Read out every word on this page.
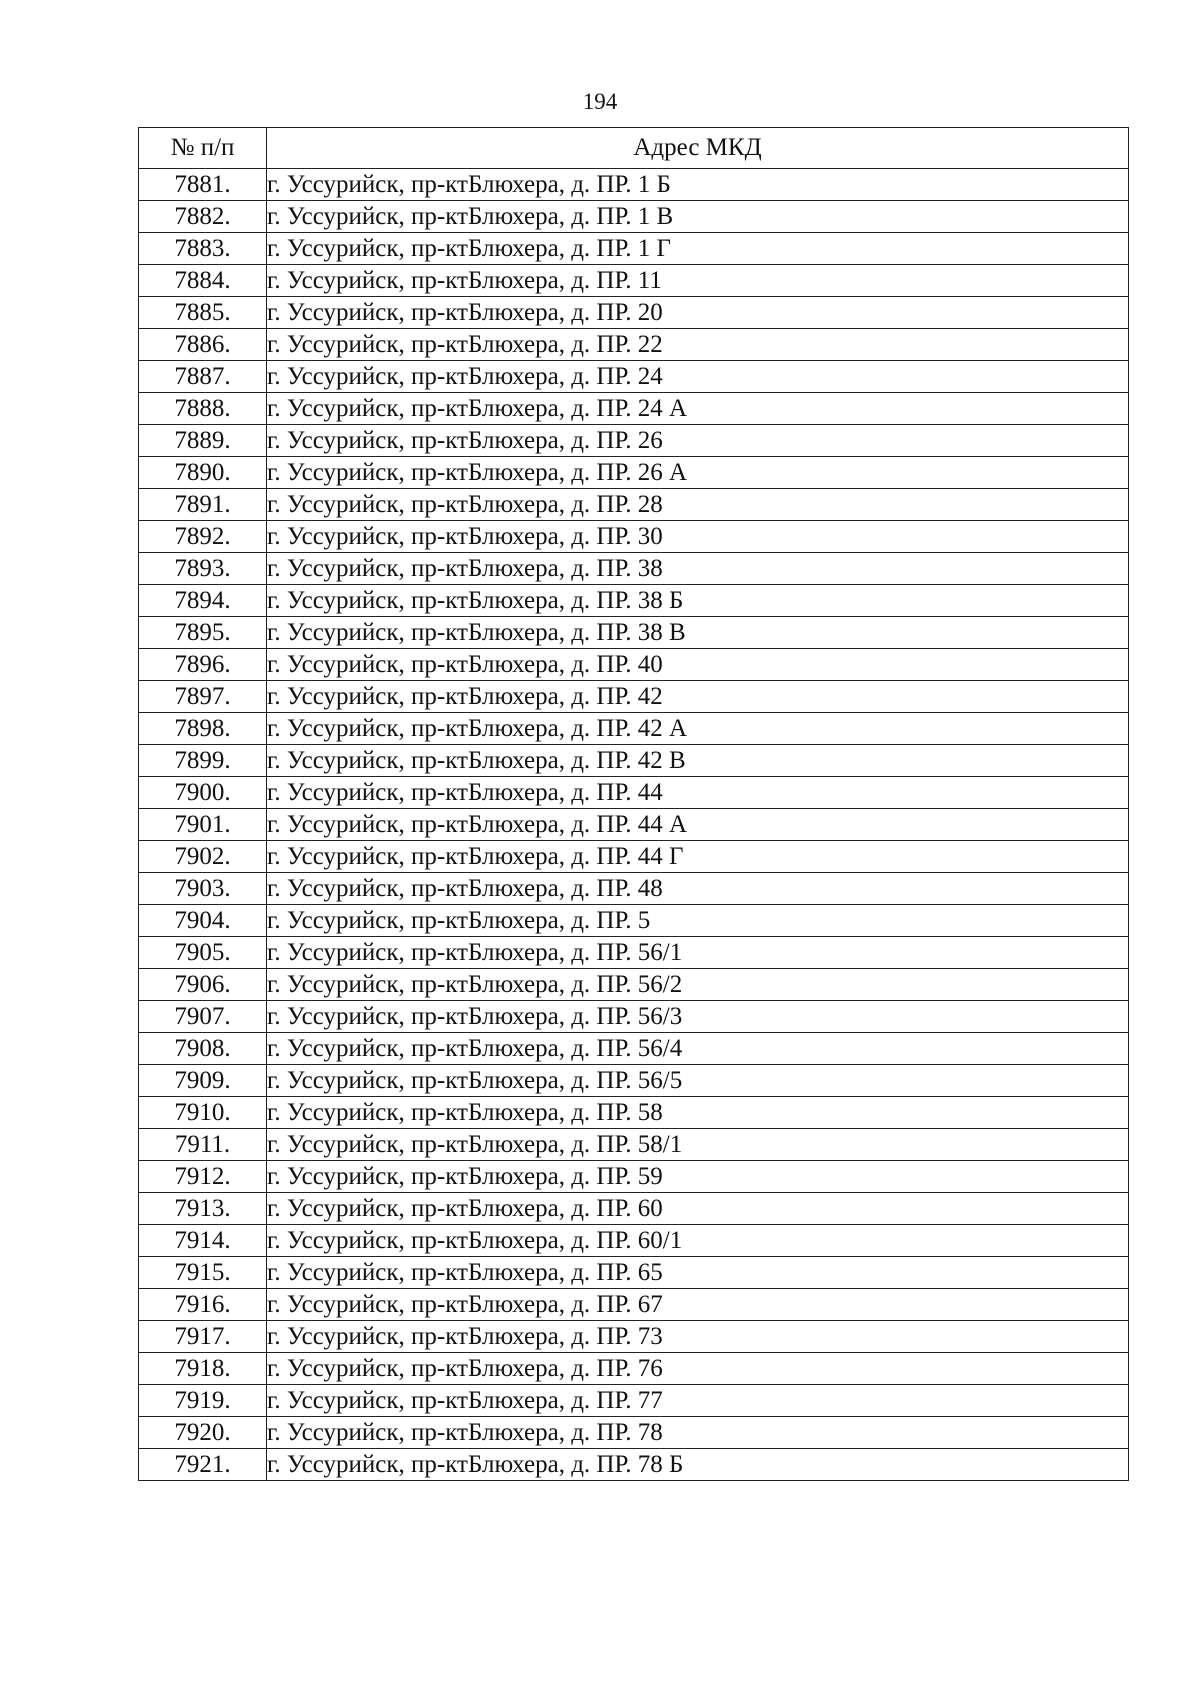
194
№ п/п	Адрес МКД
7881.	г. Уссурийск, пр-ктБлюхера, д. ПР. 1 Б
7882.	г. Уссурийск, пр-ктБлюхера, д. ПР. 1 В
7883.	г. Уссурийск, пр-ктБлюхера, д. ПР. 1 Г
7884.	г. Уссурийск, пр-ктБлюхера, д. ПР. 11
7885.	г. Уссурийск, пр-ктБлюхера, д. ПР. 20
7886.	г. Уссурийск, пр-ктБлюхера, д. ПР. 22
7887.	г. Уссурийск, пр-ктБлюхера, д. ПР. 24
7888.	г. Уссурийск, пр-ктБлюхера, д. ПР. 24 А
7889.	г. Уссурийск, пр-ктБлюхера, д. ПР. 26
7890.	г. Уссурийск, пр-ктБлюхера, д. ПР. 26 А
7891.	г. Уссурийск, пр-ктБлюхера, д. ПР. 28
7892.	г. Уссурийск, пр-ктБлюхера, д. ПР. 30
7893.	г. Уссурийск, пр-ктБлюхера, д. ПР. 38
7894.	г. Уссурийск, пр-ктБлюхера, д. ПР. 38 Б
7895.	г. Уссурийск, пр-ктБлюхера, д. ПР. 38 В
7896.	г. Уссурийск, пр-ктБлюхера, д. ПР. 40
7897.	г. Уссурийск, пр-ктБлюхера, д. ПР. 42
7898.	г. Уссурийск, пр-ктБлюхера, д. ПР. 42 А
7899.	г. Уссурийск, пр-ктБлюхера, д. ПР. 42 В
7900.	г. Уссурийск, пр-ктБлюхера, д. ПР. 44
7901.	г. Уссурийск, пр-ктБлюхера, д. ПР. 44 А
7902.	г. Уссурийск, пр-ктБлюхера, д. ПР. 44 Г
7903.	г. Уссурийск, пр-ктБлюхера, д. ПР. 48
7904.	г. Уссурийск, пр-ктБлюхера, д. ПР. 5
7905.	г. Уссурийск, пр-ктБлюхера, д. ПР. 56/1
7906.	г. Уссурийск, пр-ктБлюхера, д. ПР. 56/2
7907.	г. Уссурийск, пр-ктБлюхера, д. ПР. 56/3
7908.	г. Уссурийск, пр-ктБлюхера, д. ПР. 56/4
7909.	г. Уссурийск, пр-ктБлюхера, д. ПР. 56/5
7910.	г. Уссурийск, пр-ктБлюхера, д. ПР. 58
7911.	г. Уссурийск, пр-ктБлюхера, д. ПР. 58/1
7912.	г. Уссурийск, пр-ктБлюхера, д. ПР. 59
7913.	г. Уссурийск, пр-ктБлюхера, д. ПР. 60
7914.	г. Уссурийск, пр-ктБлюхера, д. ПР. 60/1
7915.	г. Уссурийск, пр-ктБлюхера, д. ПР. 65
7916.	г. Уссурийск, пр-ктБлюхера, д. ПР. 67
7917.	г. Уссурийск, пр-ктБлюхера, д. ПР. 73
7918.	г. Уссурийск, пр-ктБлюхера, д. ПР. 76
7919.	г. Уссурийск, пр-ктБлюхера, д. ПР. 77
7920.	г. Уссурийск, пр-ктБлюхера, д. ПР. 78
7921.	г. Уссурийск, пр-ктБлюхера, д. ПР. 78 Б
